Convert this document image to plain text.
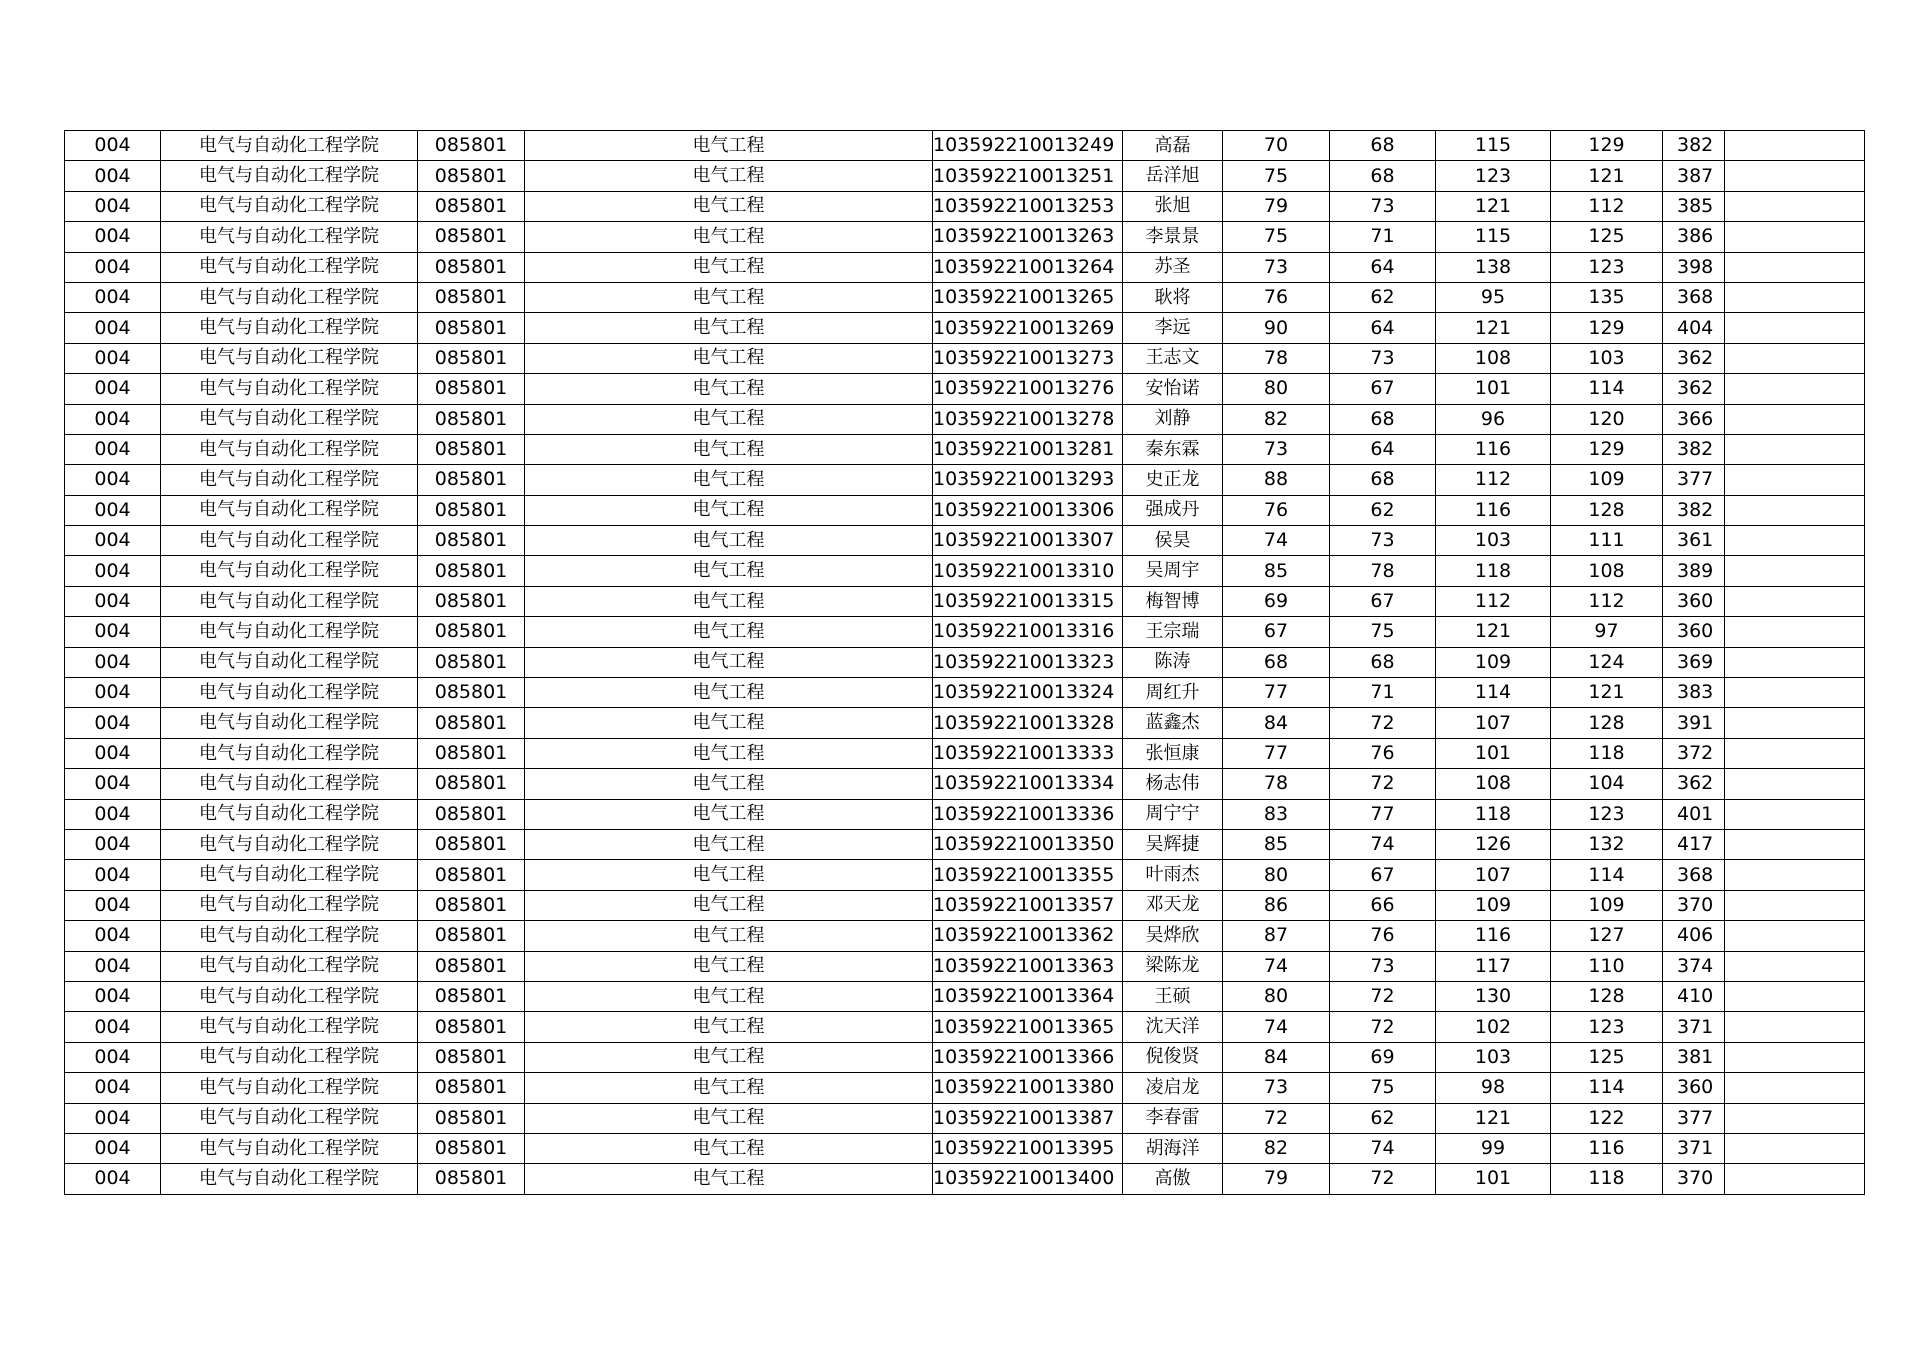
004	电气与自动化工程学院	085801	电气工程	103592210013249	高磊	70	68	115	129	382	
004	电气与自动化工程学院	085801	电气工程	103592210013251	岳洋旭	75	68	123	121	387	
004	电气与自动化工程学院	085801	电气工程	103592210013253	张旭	79	73	121	112	385	
004	电气与自动化工程学院	085801	电气工程	103592210013263	李景景	75	71	115	125	386	
004	电气与自动化工程学院	085801	电气工程	103592210013264	苏圣	73	64	138	123	398	
004	电气与自动化工程学院	085801	电气工程	103592210013265	耿将	76	62	95	135	368	
004	电气与自动化工程学院	085801	电气工程	103592210013269	李远	90	64	121	129	404	
004	电气与自动化工程学院	085801	电气工程	103592210013273	王志文	78	73	108	103	362	
004	电气与自动化工程学院	085801	电气工程	103592210013276	安怡诺	80	67	101	114	362	
004	电气与自动化工程学院	085801	电气工程	103592210013278	刘静	82	68	96	120	366	
004	电气与自动化工程学院	085801	电气工程	103592210013281	秦东霖	73	64	116	129	382	
004	电气与自动化工程学院	085801	电气工程	103592210013293	史正龙	88	68	112	109	377	
004	电气与自动化工程学院	085801	电气工程	103592210013306	强成丹	76	62	116	128	382	
004	电气与自动化工程学院	085801	电气工程	103592210013307	侯昊	74	73	103	111	361	
004	电气与自动化工程学院	085801	电气工程	103592210013310	吴周宇	85	78	118	108	389	
004	电气与自动化工程学院	085801	电气工程	103592210013315	梅智博	69	67	112	112	360	
004	电气与自动化工程学院	085801	电气工程	103592210013316	王宗瑞	67	75	121	97	360	
004	电气与自动化工程学院	085801	电气工程	103592210013323	陈涛	68	68	109	124	369	
004	电气与自动化工程学院	085801	电气工程	103592210013324	周红升	77	71	114	121	383	
004	电气与自动化工程学院	085801	电气工程	103592210013328	蓝鑫杰	84	72	107	128	391	
004	电气与自动化工程学院	085801	电气工程	103592210013333	张恒康	77	76	101	118	372	
004	电气与自动化工程学院	085801	电气工程	103592210013334	杨志伟	78	72	108	104	362	
004	电气与自动化工程学院	085801	电气工程	103592210013336	周宁宁	83	77	118	123	401	
004	电气与自动化工程学院	085801	电气工程	103592210013350	吴辉捷	85	74	126	132	417	
004	电气与自动化工程学院	085801	电气工程	103592210013355	叶雨杰	80	67	107	114	368	
004	电气与自动化工程学院	085801	电气工程	103592210013357	邓天龙	86	66	109	109	370	
004	电气与自动化工程学院	085801	电气工程	103592210013362	吴烨欣	87	76	116	127	406	
004	电气与自动化工程学院	085801	电气工程	103592210013363	梁陈龙	74	73	117	110	374	
004	电气与自动化工程学院	085801	电气工程	103592210013364	王硕	80	72	130	128	410	
004	电气与自动化工程学院	085801	电气工程	103592210013365	沈天洋	74	72	102	123	371	
004	电气与自动化工程学院	085801	电气工程	103592210013366	倪俊贤	84	69	103	125	381	
004	电气与自动化工程学院	085801	电气工程	103592210013380	凌启龙	73	75	98	114	360	
004	电气与自动化工程学院	085801	电气工程	103592210013387	李春雷	72	62	121	122	377	
004	电气与自动化工程学院	085801	电气工程	103592210013395	胡海洋	82	74	99	116	371	
004	电气与自动化工程学院	085801	电气工程	103592210013400	高傲	79	72	101	118	370	
